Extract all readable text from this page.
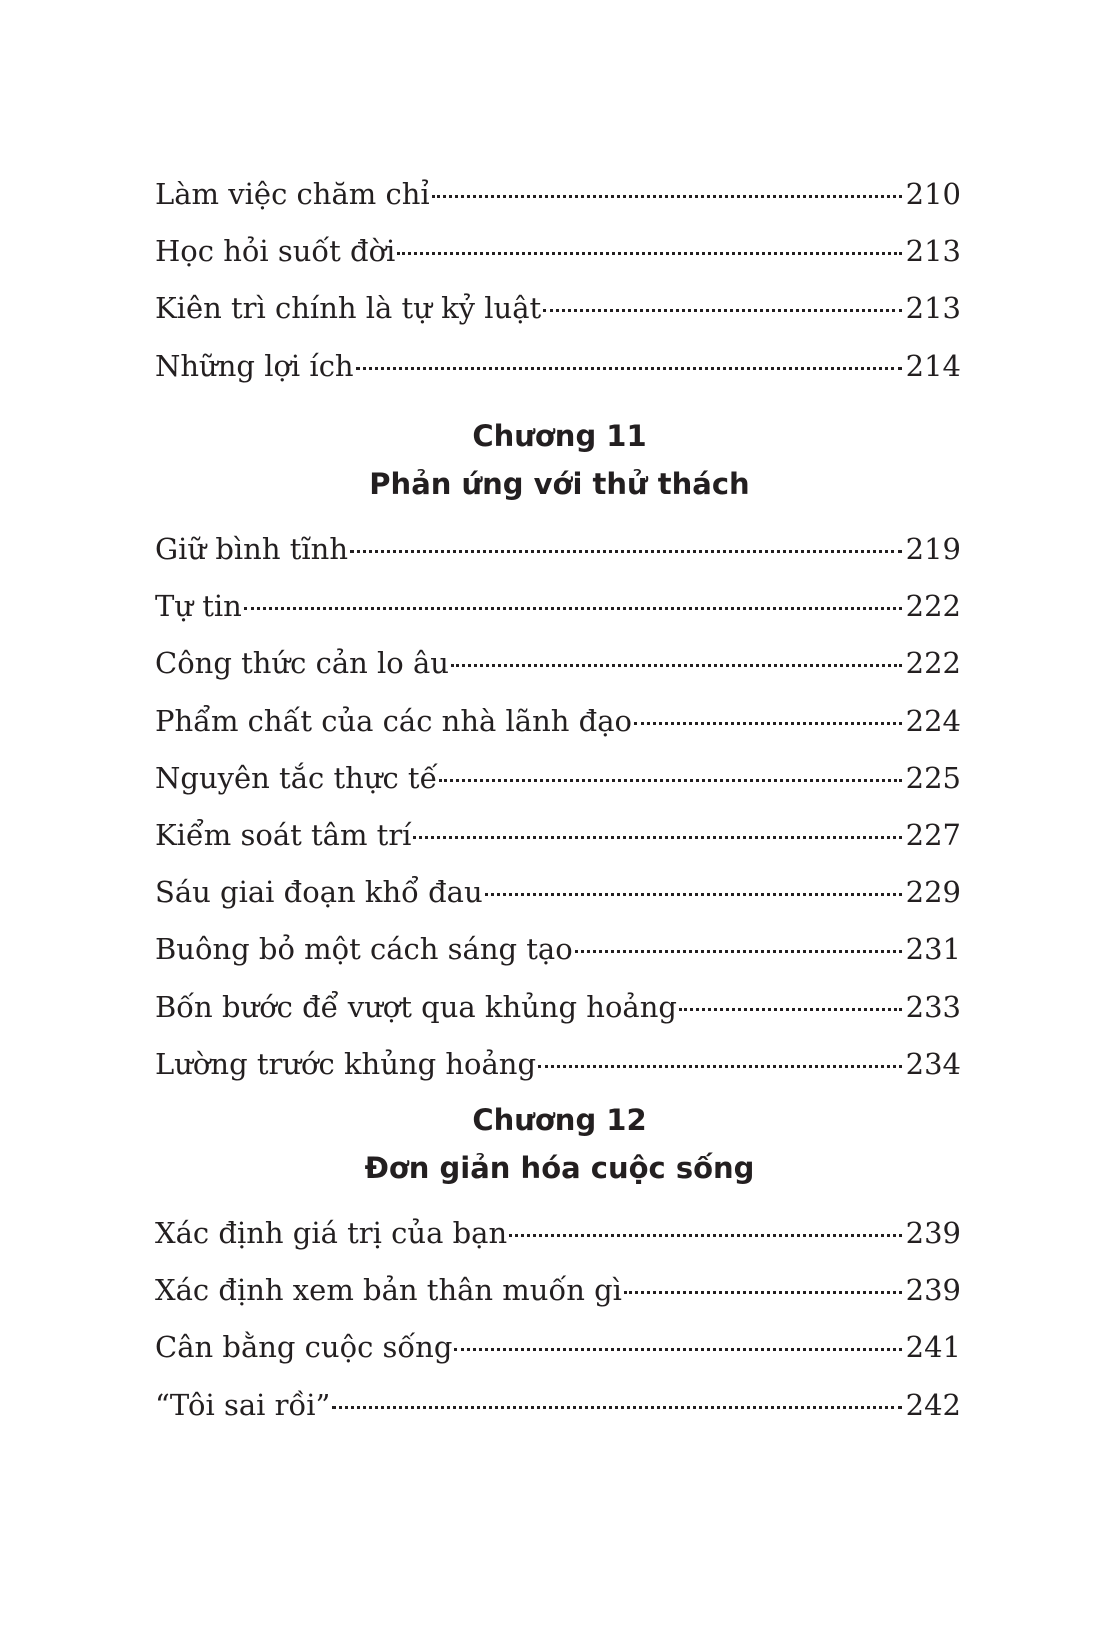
Làm việc chăm chỉ	210
Học hỏi suốt đời	213
Kiên trì chính là tự kỷ luật	213
Những lợi ích	214
Chương 11
Phản ứng với thử thách
Giữ bình tĩnh	219
Tự tin	222
Công thức cản lo âu	222
Phẩm chất của các nhà lãnh đạo	224
Nguyên tắc thực tế	225
Kiểm soát tâm trí	227
Sáu giai đoạn khổ đau	229
Buông bỏ một cách sáng tạo	231
Bốn bước để vượt qua khủng hoảng	233
Lường trước khủng hoảng	234
Chương 12
Đơn giản hóa cuộc sống
Xác định giá trị của bạn	239
Xác định xem bản thân muốn gì	239
Cân bằng cuộc sống	241
“Tôi sai rồi”	242
